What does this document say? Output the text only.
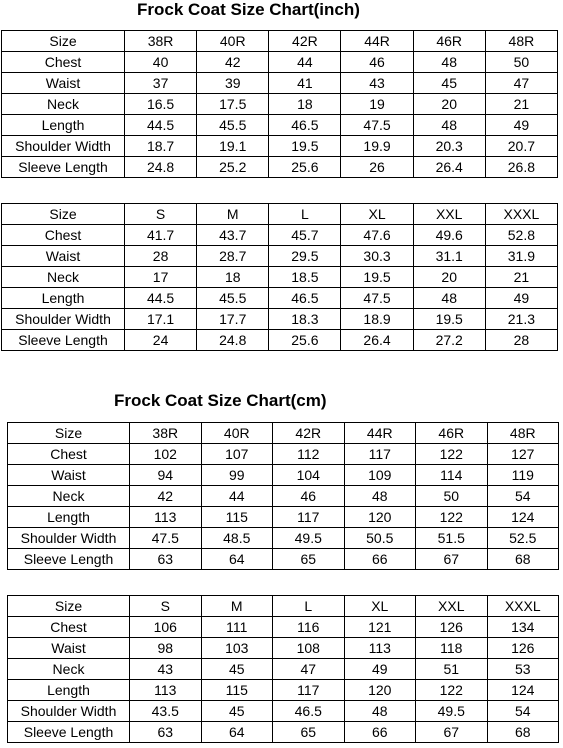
Frock Coat Size Chart(inch)
Size	38R	40R	42R	44R	46R	48R
Chest	40	42	44	46	48	50
Waist	37	39	41	43	45	47
Neck	16.5	17.5	18	19	20	21
Length	44.5	45.5	46.5	47.5	48	49
Shoulder Width	18.7	19.1	19.5	19.9	20.3	20.7
Sleeve Length	24.8	25.2	25.6	26	26.4	26.8
Size	S	M	L	XL	XXL	XXXL
Chest	41.7	43.7	45.7	47.6	49.6	52.8
Waist	28	28.7	29.5	30.3	31.1	31.9
Neck	17	18	18.5	19.5	20	21
Length	44.5	45.5	46.5	47.5	48	49
Shoulder Width	17.1	17.7	18.3	18.9	19.5	21.3
Sleeve Length	24	24.8	25.6	26.4	27.2	28
Frock Coat Size Chart(cm)
Size	38R	40R	42R	44R	46R	48R
Chest	102	107	112	117	122	127
Waist	94	99	104	109	114	119
Neck	42	44	46	48	50	54
Length	113	115	117	120	122	124
Shoulder Width	47.5	48.5	49.5	50.5	51.5	52.5
Sleeve Length	63	64	65	66	67	68
Size	S	M	L	XL	XXL	XXXL
Chest	106	111	116	121	126	134
Waist	98	103	108	113	118	126
Neck	43	45	47	49	51	53
Length	113	115	117	120	122	124
Shoulder Width	43.5	45	46.5	48	49.5	54
Sleeve Length	63	64	65	66	67	68
